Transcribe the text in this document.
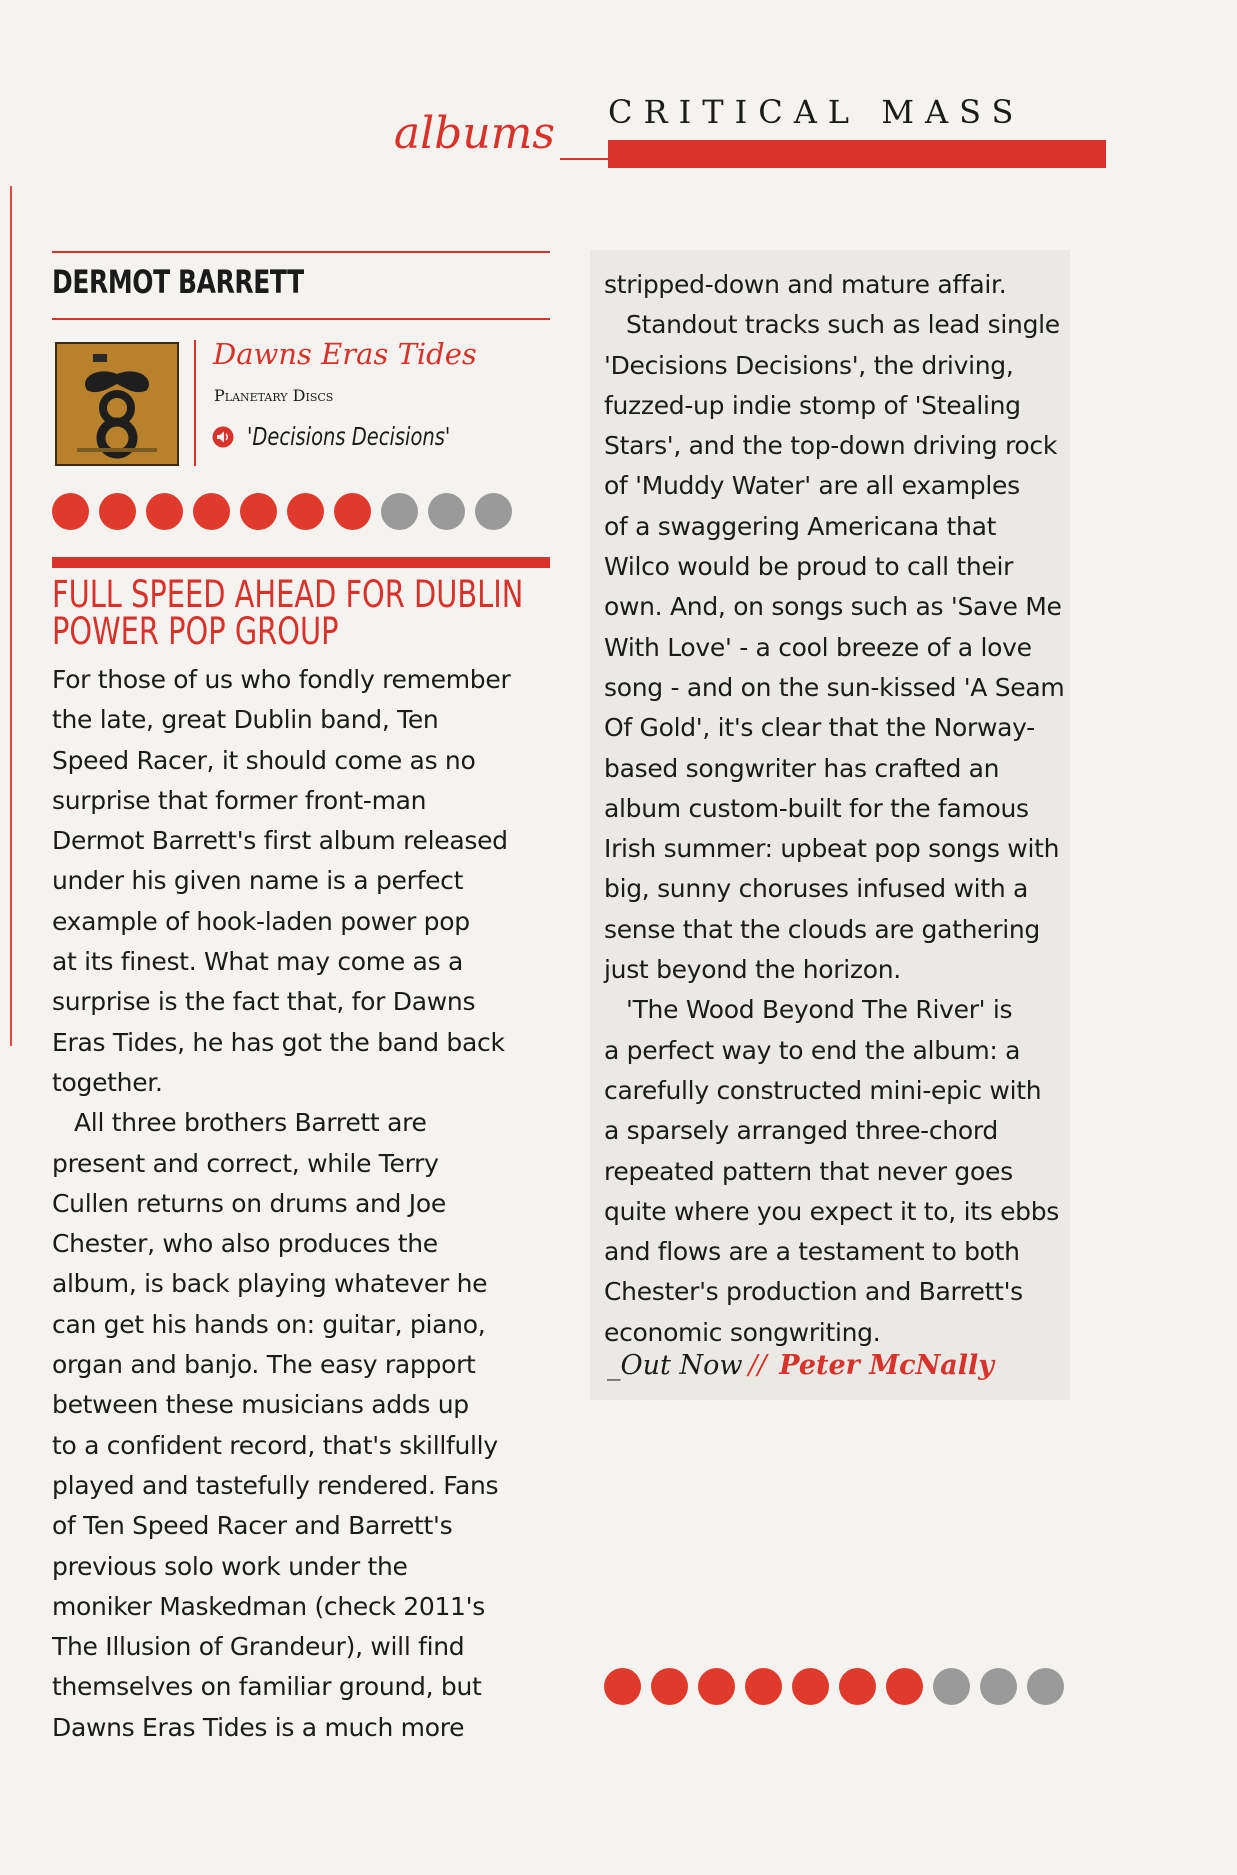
albums CRITICAL MASS
DERMOT BARRETT
Dawns Eras Tides
Planetary Discs
'Decisions Decisions'
FULL SPEED AHEAD FOR DUBLIN
POWER POP GROUP

For those of us who fondly remember
the late, great Dublin band, Ten
Speed Racer, it should come as no
surprise that former front-man
Dermot Barrett's first album released
under his given name is a perfect
example of hook-laden power pop
at its finest. What may come as a
surprise is the fact that, for Dawns
Eras Tides, he has got the band back
together.

All three brothers Barrett are
present and correct, while Terry
Cullen returns on drums and Joe
Chester, who also produces the
album, is back playing whatever he
can get his hands on: guitar, piano,
organ and banjo. The easy rapport
between these musicians adds up
to a confident record, that's skillfully
played and tastefully rendered. Fans
of Ten Speed Racer and Barrett's
previous solo work under the
moniker Maskedman (check 2011's
The Illusion of Grandeur), will find
themselves on familiar ground, but
Dawns Eras Tides is a much more

stripped-down and mature affair.

Standout tracks such as lead single
'Decisions Decisions', the driving,
fuzzed-up indie stomp of 'Stealing
Stars', and the top-down driving rock
of 'Muddy Water' are all examples
of a swaggering Americana that
Wilco would be proud to call their
own. And, on songs such as 'Save Me
With Love' - a cool breeze of a love
song - and on the sun-kissed 'A Seam
Of Gold', it's clear that the Norway-
based songwriter has crafted an
album custom-built for the famous
Irish summer: upbeat pop songs with
big, sunny choruses infused with a
sense that the clouds are gathering
just beyond the horizon.

'The Wood Beyond The River' is
a perfect way to end the album: a
carefully constructed mini-epic with
a sparsely arranged three-chord
repeated pattern that never goes
quite where you expect it to, its ebbs
and flows are a testament to both
Chester's production and Barrett's
economic songwriting.

_Out Now // Peter McNally
